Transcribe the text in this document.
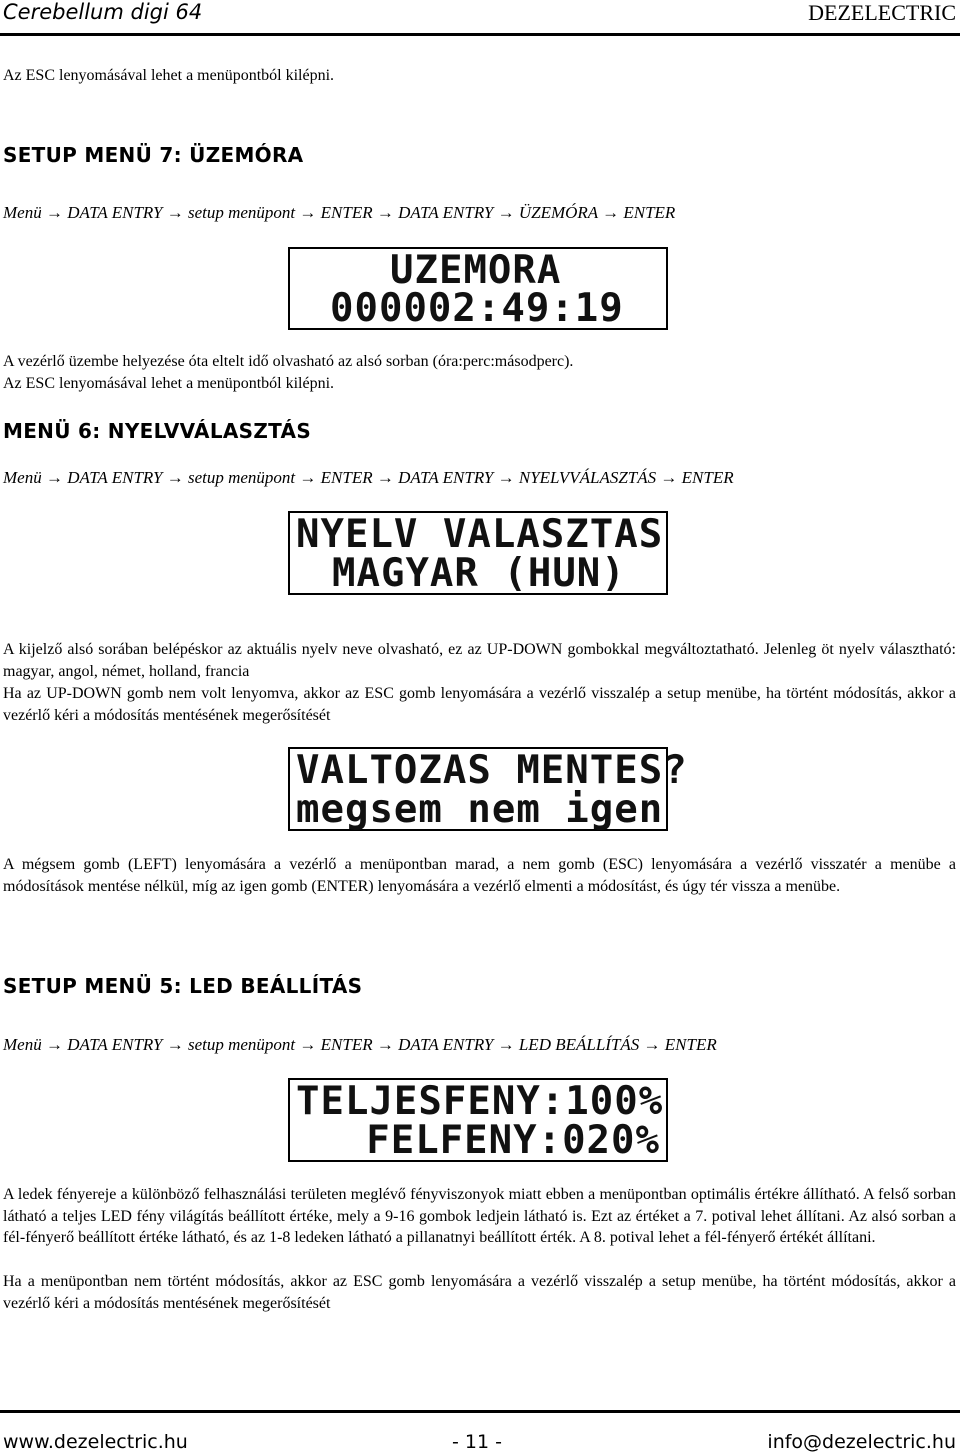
Cerebellum digi 64	DEZELECTRIC

Az ESC lenyomásával lehet a menüpontból kilépni.

SETUP MENÜ 7: ÜZEMÓRA

Menü → DATA ENTRY → setup menüpont → ENTER → DATA ENTRY → ÜZEMÓRA → ENTER

UZEMORA
000002:49:19

A vezérlő üzembe helyezése óta eltelt idő olvasható az alsó sorban (óra:perc:másodperc).

Az ESC lenyomásával lehet a menüpontból kilépni.

MENÜ 6: NYELVVÁLASZTÁS

Menü → DATA ENTRY → setup menüpont → ENTER → DATA ENTRY → NYELVVÁLASZTÁS → ENTER

NYELV VALASZTAS
MAGYAR (HUN)

A kijelző alsó sorában belépéskor az aktuális nyelv neve olvasható, ez az UP-DOWN gombokkal megváltoztatható. Jelenleg öt nyelv választható: magyar, angol, német, holland, francia

Ha az UP-DOWN gomb nem volt lenyomva, akkor az ESC gomb lenyomására a vezérlő visszalép a setup menübe, ha történt módosítás, akkor a vezérlő kéri a módosítás mentésének megerősítését

VALTOZAS MENTES?
megsem nem igen

A mégsem gomb (LEFT) lenyomására a vezérlő a menüpontban marad, a nem gomb (ESC) lenyomására a vezérlő visszatér a menübe a módosítások mentése nélkül, míg az igen gomb (ENTER) lenyomására a vezérlő elmenti a módosítást, és úgy tér vissza a menübe.

SETUP MENÜ 5: LED BEÁLLÍTÁS

Menü → DATA ENTRY → setup menüpont → ENTER → DATA ENTRY → LED BEÁLLÍTÁS → ENTER

TELJESFENY:100%
FELFENY:020%

A ledek fényereje a különböző felhasználási területen meglévő fényviszonyok miatt ebben a menüpontban optimális értékre állítható. A felső sorban látható a teljes LED fény világítás beállított értéke, mely a 9-16 gombok ledjein látható is. Ezt az értéket a 7. potival lehet állítani. Az alsó sorban a fél-fényerő beállított értéke látható, és az 1-8 ledeken látható a pillanatnyi beállított érték. A 8. potival lehet a fél-fényerő értékét állítani.

Ha a menüpontban nem történt módosítás, akkor az ESC gomb lenyomására a vezérlő visszalép a setup menübe, ha történt módosítás, akkor a vezérlő kéri a módosítás mentésének megerősítését

www.dezelectric.hu	- 11 -	info@dezelectric.hu
